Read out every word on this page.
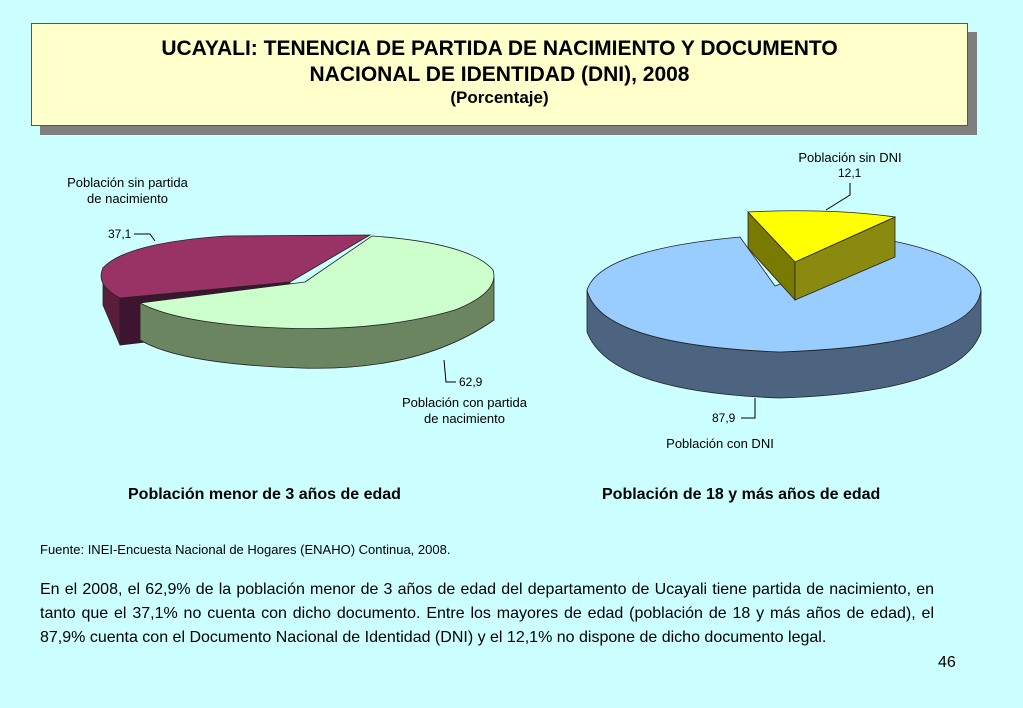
UCAYALI: TENENCIA DE PARTIDA DE NACIMIENTO Y DOCUMENTO
NACIONAL DE IDENTIDAD (DNI), 2008
(Porcentaje)
Población sin partida
de nacimiento
37,1
62,9
Población con partida
de nacimiento
Población menor de 3 años de edad
Población sin DNI
12,1
87,9
Población con DNI
Población de 18 y más años de edad
Fuente: INEI-Encuesta Nacional de Hogares (ENAHO) Continua, 2008.
En el 2008, el 62,9% de la población menor de 3 años de edad del departamento de Ucayali tiene partida de nacimiento, en tanto que el 37,1% no cuenta con dicho documento. Entre los mayores de edad (población de 18 y más años de edad), el 87,9% cuenta con el Documento Nacional de Identidad (DNI) y el 12,1% no dispone de dicho documento legal.
46
